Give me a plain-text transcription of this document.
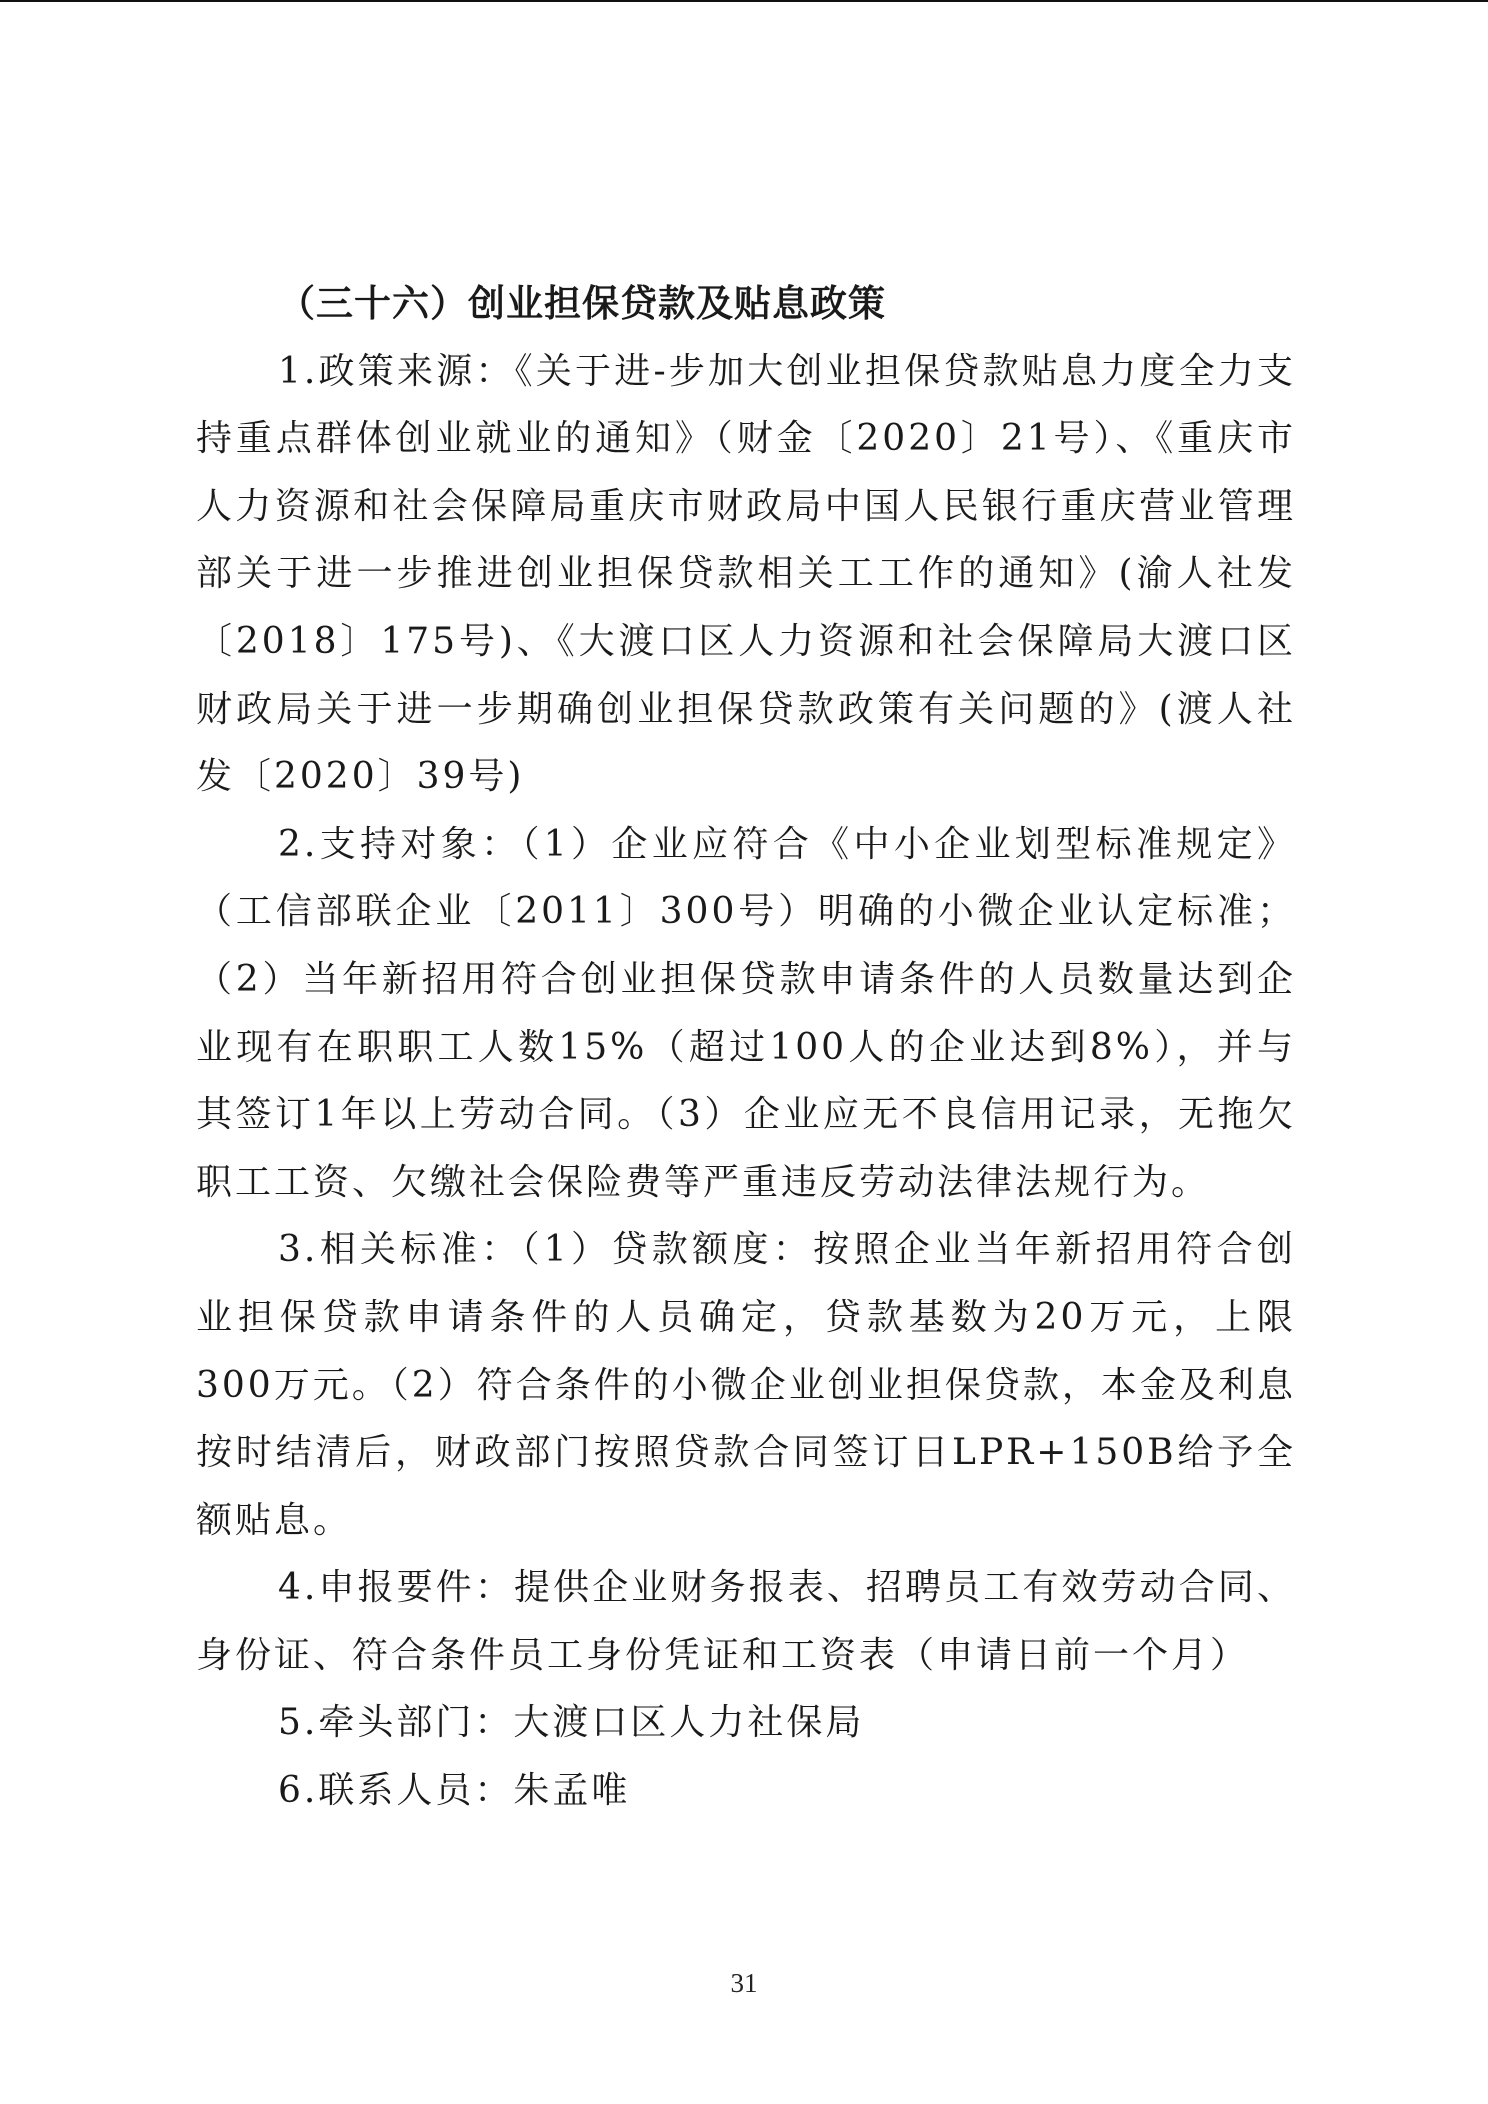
（三十六）创业担保贷款及贴息政策

1.政策来源：《关于进-步加大创业担保贷款贴息力度全力支持重点群体创业就业的通知》（财金〔2020〕21号）、《重庆市人力资源和社会保障局重庆市财政局中国人民银行重庆营业管理部关于进一步推进创业担保贷款相关工工作的通知》(渝人社发〔2018〕175号)、《大渡口区人力资源和社会保障局大渡口区财政局关于进一步期确创业担保贷款政策有关问题的》(渡人社发〔2020〕39号)

2.支持对象：（1）企业应符合《中小企业划型标准规定》（工信部联企业〔2011〕300号）明确的小微企业认定标准；（2）当年新招用符合创业担保贷款申请条件的人员数量达到企业现有在职职工人数15%（超过100人的企业达到8%），并与其签订1年以上劳动合同。（3）企业应无不良信用记录，无拖欠职工工资、欠缴社会保险费等严重违反劳动法律法规行为。

3.相关标准：（1）贷款额度：按照企业当年新招用符合创业担保贷款申请条件的人员确定，贷款基数为20万元，上限300万元。（2）符合条件的小微企业创业担保贷款，本金及利息按时结清后，财政部门按照贷款合同签订日LPR+150B给予全额贴息。

4.申报要件：提供企业财务报表、招聘员工有效劳动合同、身份证、符合条件员工身份凭证和工资表（申请日前一个月）

5.牵头部门：大渡口区人力社保局

6.联系人员：朱孟唯

31
